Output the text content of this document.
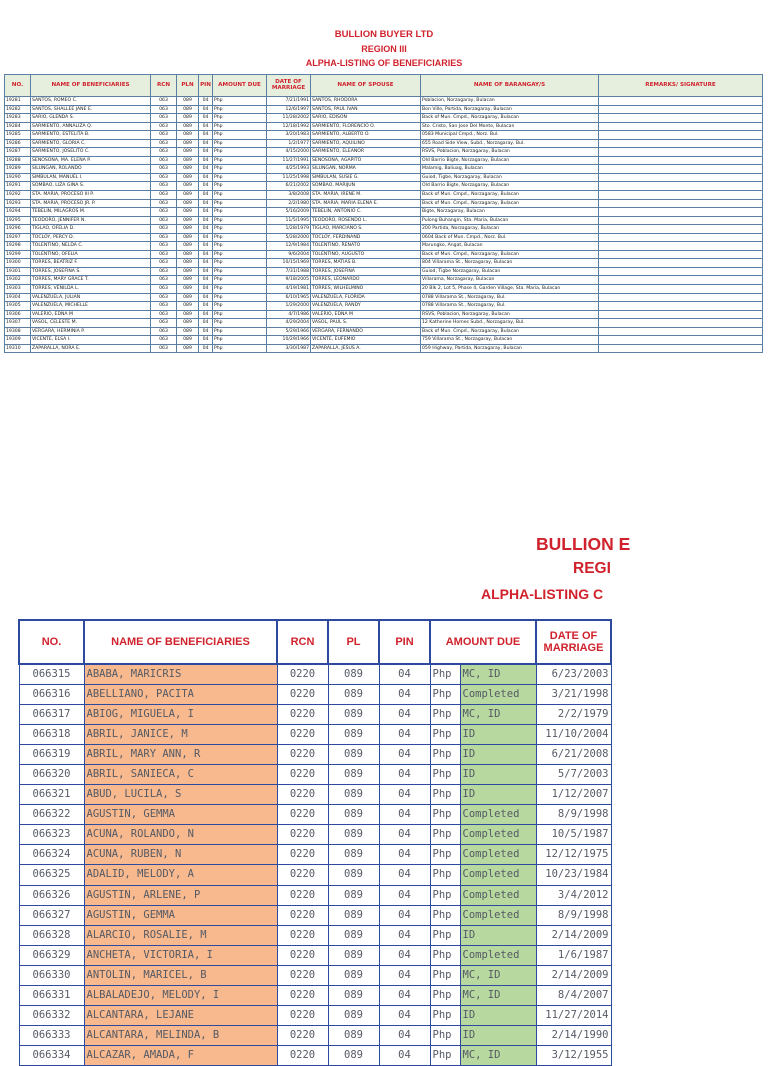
BULLION BUYER LTD
REGION III
ALPHA-LISTING OF BENEFICIARIES
NO.	NAME OF BENEFICIARIES	RCN	PLN	PIN	AMOUNT DUE	DATE OF MARRIAGE	NAME OF SPOUSE	NAME OF BARANGAY/S	REMARKS/ SIGNATURE
19281	SANTOS, ROMEO C.	063	089	04	Php	7/21/1991	SANTOS, RHODORA	Poblacion, Norzagaray, Bulacan	
19282	SANTOS, SHALLEE JANE E.	063	089	04	Php	12/6/1997	SANTOS, PAUL IVAN	Bon Ville, Partida, Norzagaray, Bulacan	
19283	SARIO, GLENDA S.	063	089	04	Php	11/28/2002	SARIO, EDISON	Back of Mun. Cmpd., Norzagaray, Bulacan	
19284	SARMIENTO, ANNALIZA Q.	063	089	04	Php	12/18/1992	SARMIENTO, FLORENCIO O.	Sto. Cristo, San Jose Del Monte, Bulacan	
19285	SARMIENTO, ESTELITA B.	063	089	04	Php	3/20/1983	SARMIENTO, ALBERTO O.	0583 Municipal Cmpd., Norz. Bul.	
19286	SARMIENTO, GLORIA C.	063	089	04	Php	1/2/1977	SARMIENTO, AQUILINO	655 Road Side View, Subd., Norzagaray, Bul.	
19287	SARMIENTO, JOSELITO C.	063	089	04	Php	4/15/2000	SARMIENTO, ELEANOR	RSVS, Poblacion, Norzagaray, Bulacan	
19288	SENOSONA, MA. ELENA P.	063	089	04	Php	11/27/1991	SENOSONA, AGAPITO	Old Barrio Bigte, Norzagaray, Bulacan	
19289	SILUNGAN, ROLANDO	063	089	04	Php	4/25/1993	SILUNGAN, NORMA	Malamig, Baliuag, Bulacan	
19290	SIMBULAN, MANUEL I.	063	089	04	Php	11/25/1998	SIMBULAN, SUSIE G.	Guiod, Tigbe, Norzagaray, Bulacan	
19291	SOMBAO, LIZA GINA S.	063	089	04	Php	6/21/2002	SOMBAO, MARIJUN	Old Barrio Bigte, Norzagaray, Bulacan	
19292	STA. MARIA, PROCESO III P.	063	089	04	Php	3/8/2008	STA. MARIA, IRENE M.	Back of Mun. Cmpd., Norzagaray, Bulacan	
19293	STA. MARIA, PROCESO JR. P.	063	089	04	Php	2/2/1980	STA. MARIA, MARIA ELENA E.	Back of Mun. Cmpd., Norzagaray, Bulacan	
19294	TEBELIN, MILAGROS M.	063	089	04	Php	5/16/2009	TEBELIN, ANTONIO C.	Bigte, Norzagaray, Bulacan	
19295	TEODORO, JENNIFER N.	063	089	04	Php	11/5/1995	TEODORO, ROSENDO L.	Pulong Buhangin, Sta. Maria, Bulacan	
19296	TIGLAO, OFELIA D.	063	089	04	Php	1/28/1979	TIGLAO, MARCIANO S.	200 Partida, Norzagaray, Bulacan	
19297	TOCLOY, PERCY D.	063	089	04	Php	5/28/2000	TOCLOY, FERDINAND	0604 Back of Mun. Cmpd., Norz. Bul.	
19298	TOLENTINO, NELDA C.	063	089	04	Php	12/9/1984	TOLENTINO, RENATO	Marungko, Angat, Bulacan	
19299	TOLENTINO, OFELIA	063	089	04	Php	9/6/2004	TOLENTINO, AUGUSTO	Back of Mun. Cmpd., Norzagaray, Bulacan	
19300	TORRES, BEATRIZ F.	063	089	04	Php	10/15/1969	TORRES, MATIAS B.	804 Villarama St., Norzagaray, Bulacan	
19301	TORRES, JOSEFINA S.	063	089	04	Php	7/31/1988	TORRES, JOSEFINA	Guiod, Tigbe Norzagaray, Bulacan	
19302	TORRES, MARY GRACE T.	063	089	04	Php	9/18/2005	TORRES, LEONARDO	Villarama, Norzagaray, Bulacan	
19303	TORRES, VENILDA L.	063	089	04	Php	4/19/1981	TORRES, WILHELMINO	20 Blk 2, Lot 5, Phase 4, Garden Village, Sta. Maria, Bulacan	
19304	VALENZUELA, JULIAN	063	089	04	Php	6/10/1965	VALENZUELA, FLORIDA	0788 Villarama St., Norzagaray, Bul.	
19305	VALENZUELA, MICHELLE	063	089	04	Php	1/29/2000	VALENZUELA, RANDY	0788 Villarama St., Norzagaray, Bul.	
19306	VALERIO, EDNA M	063	089	04	Php	4/7/1986	VALERIO, EDNA M	RSVS, Poblacion, Norzagaray, Bulacan	
19307	VASOL, CELESTE M.	063	089	04	Php	4/29/2004	VASOL, PAUL S.	12 Katherine Homes Subd., Norzagaray, Bul.	
19308	VERGARA, HERMINIA P.	063	089	04	Php	5/29/1966	VERGARA, FERNANDO	Back of Mun. Cmpd., Norzagaray, Bulacan	
19309	VICENTE, ELSA I.	063	089	04	Php	10/29/1966	VICENTE, EUFEMIO	759 Villarama St., Norzagaray, Bulacan	
19310	ZAPARALLA, NORA E.	063	089	04	Php	3/30/1987	ZAPARALLA, JESUS A.	059 Highway, Partida, Norzagaray, Bulacan	
BULLION E
REGI
ALPHA-LISTING C
NO.	NAME OF BENEFICIARIES	RCN	PL	PIN	AMOUNT DUE		DATE OF MARRIAGE
066315	ABABA, MARICRIS	0220	089	04	Php	MC, ID	6/23/2003
066316	ABELLIANO, PACITA	0220	089	04	Php	Completed	3/21/1998
066317	ABIOG, MIGUELA, I	0220	089	04	Php	MC, ID	2/2/1979
066318	ABRIL, JANICE, M	0220	089	04	Php	ID	11/10/2004
066319	ABRIL, MARY ANN, R	0220	089	04	Php	ID	6/21/2008
066320	ABRIL, SANIECA, C	0220	089	04	Php	ID	5/7/2003
066321	ABUD, LUCILA, S	0220	089	04	Php	ID	1/12/2007
066322	AGUSTIN, GEMMA	0220	089	04	Php	Completed	8/9/1998
066323	ACUNA, ROLANDO, N	0220	089	04	Php	Completed	10/5/1987
066324	ACUNA, RUBEN, N	0220	089	04	Php	Completed	12/12/1975
066325	ADALID, MELODY, A	0220	089	04	Php	Completed	10/23/1984
066326	AGUSTIN, ARLENE, P	0220	089	04	Php	Completed	3/4/2012
066327	AGUSTIN, GEMMA	0220	089	04	Php	Completed	8/9/1998
066328	ALARCIO, ROSALIE, M	0220	089	04	Php	ID	2/14/2009
066329	ANCHETA, VICTORIA, I	0220	089	04	Php	Completed	1/6/1987
066330	ANTOLIN, MARICEL, B	0220	089	04	Php	MC, ID	2/14/2009
066331	ALBALADEJO, MELODY, I	0220	089	04	Php	MC, ID	8/4/2007
066332	ALCANTARA, LEJANE	0220	089	04	Php	ID	11/27/2014
066333	ALCANTARA, MELINDA, B	0220	089	04	Php	ID	2/14/1990
066334	ALCAZAR, AMADA, F	0220	089	04	Php	MC, ID	3/12/1955
